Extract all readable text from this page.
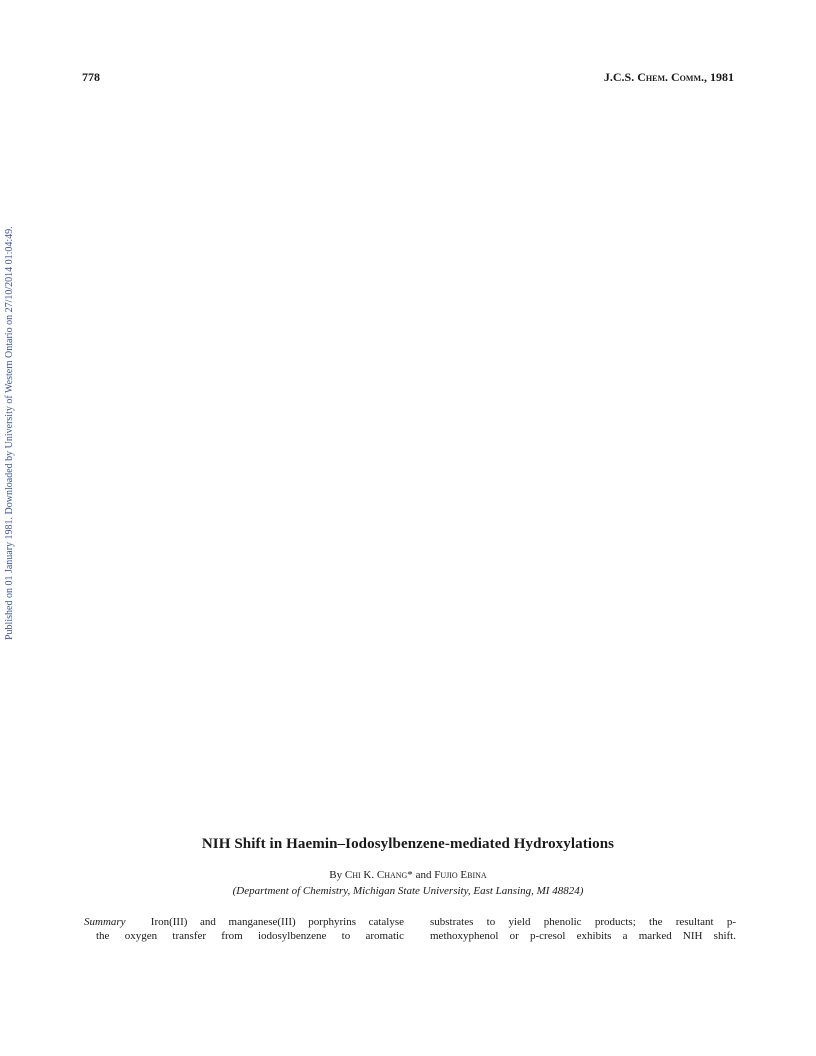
778	J.C.S. Chem. Comm., 1981
Published on 01 January 1981. Downloaded by University of Western Ontario on 27/10/2014 01:04:49.
NIH Shift in Haemin–Iodosylbenzene-mediated Hydroxylations
By Chi K. Chang* and Fujio Ebina
(Department of Chemistry, Michigan State University, East Lansing, MI 48824)
Summary Iron(III) and manganese(III) porphyrins catalyse
the oxygen transfer from iodosylbenzene to aromatic
substrates to yield phenolic products; the resultant p-
methoxyphenol or p-cresol exhibits a marked NIH shift.
